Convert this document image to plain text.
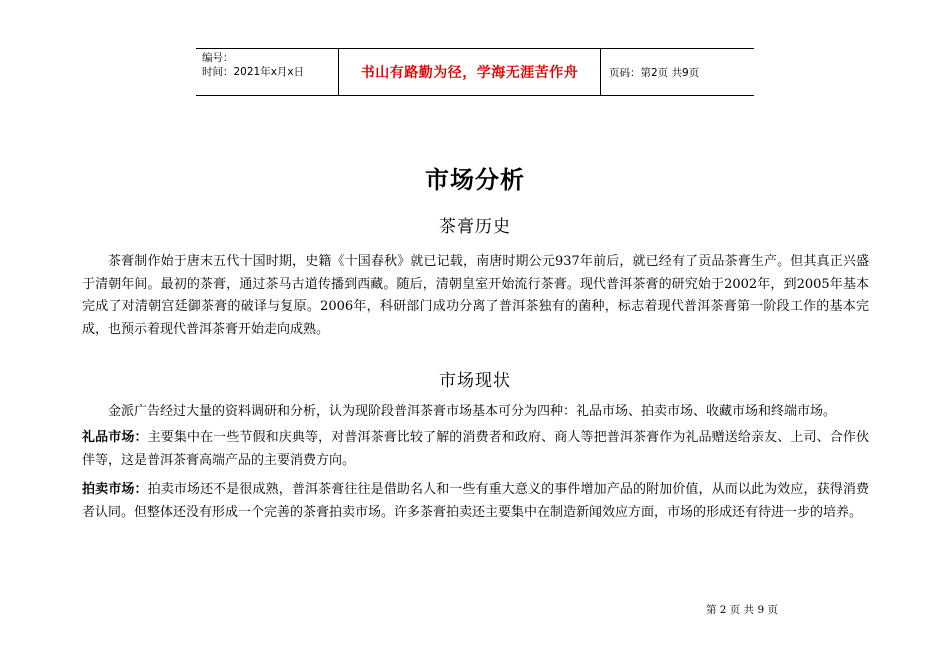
编号：
时间：2021年x月x日	书山有路勤为径，学海无涯苦作舟	页码：第2页 共9页
市场分析
茶膏历史
茶膏制作始于唐末五代十国时期，史籍《十国春秋》就已记载，南唐时期公元937年前后，就已经有了贡品茶膏生产。但其真正兴盛于清朝年间。最初的茶膏，通过茶马古道传播到西藏。随后，清朝皇室开始流行茶膏。现代普洱茶膏的研究始于2002年，到2005年基本完成了对清朝宫廷御茶膏的破译与复原。2006年，科研部门成功分离了普洱茶独有的菌种，标志着现代普洱茶膏第一阶段工作的基本完成，也预示着现代普洱茶膏开始走向成熟。
市场现状
金派广告经过大量的资料调研和分析，认为现阶段普洱茶膏市场基本可分为四种：礼品市场、拍卖市场、收藏市场和终端市场。
礼品市场：主要集中在一些节假和庆典等，对普洱茶膏比较了解的消费者和政府、商人等把普洱茶膏作为礼品赠送给亲友、上司、合作伙伴等，这是普洱茶膏高端产品的主要消费方向。
拍卖市场：拍卖市场还不是很成熟，普洱茶膏往往是借助名人和一些有重大意义的事件增加产品的附加价值，从而以此为效应，获得消费者认同。但整体还没有形成一个完善的茶膏拍卖市场。许多茶膏拍卖还主要集中在制造新闻效应方面，市场的形成还有待进一步的培养。
第 2 页 共 9 页
